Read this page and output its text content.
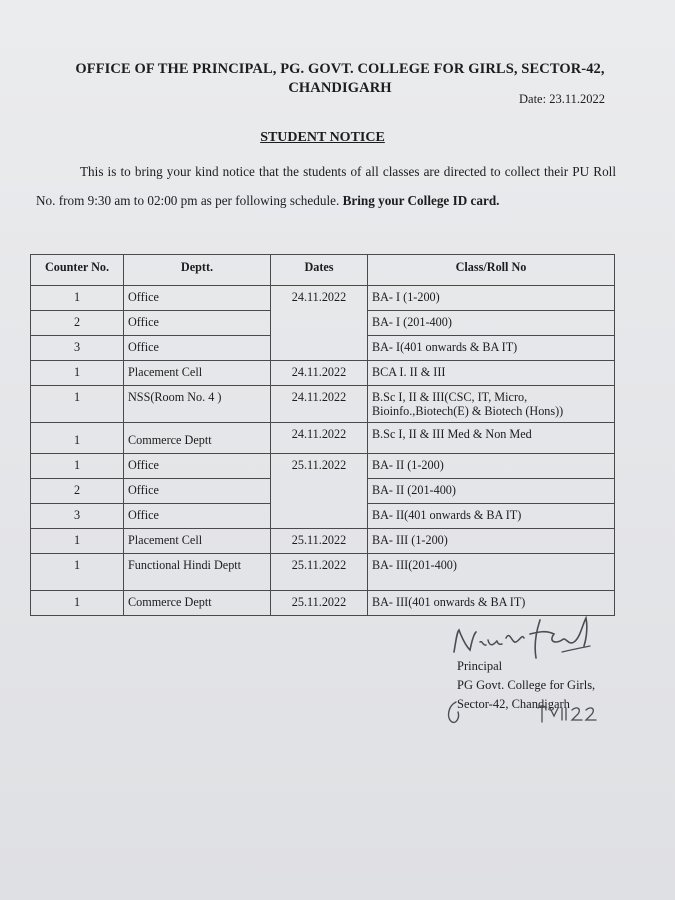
OFFICE OF THE PRINCIPAL, PG. GOVT. COLLEGE FOR GIRLS, SECTOR-42,
CHANDIGARH
Date: 23.11.2022
STUDENT NOTICE
This is to bring your kind notice that the students of all classes are directed to collect their PU Roll No. from 9:30 am to 02:00 pm as per following schedule. Bring your College ID card.
Counter No.	Deptt.	Dates	Class/Roll No
1	Office	24.11.2022	BA- I (1-200)
2	Office		BA- I (201-400)
3	Office		BA- I(401 onwards & BA IT)
1	Placement Cell	24.11.2022	BCA I. II & III
1	NSS(Room No. 4 )	24.11.2022	B.Sc I, II & III(CSC, IT, Micro, Bioinfo.,Biotech(E) & Biotech (Hons))
1	Commerce Deptt	24.11.2022	B.Sc I, II & III Med & Non Med
1	Office	25.11.2022	BA- II (1-200)
2	Office		BA- II (201-400)
3	Office		BA- II(401 onwards & BA IT)
1	Placement Cell	25.11.2022	BA- III (1-200)
1	Functional Hindi Deptt	25.11.2022	BA- III(201-400)
1	Commerce Deptt	25.11.2022	BA- III(401 onwards & BA IT)
Principal
PG Govt. College for Girls,
Sector-42, Chandigarh
